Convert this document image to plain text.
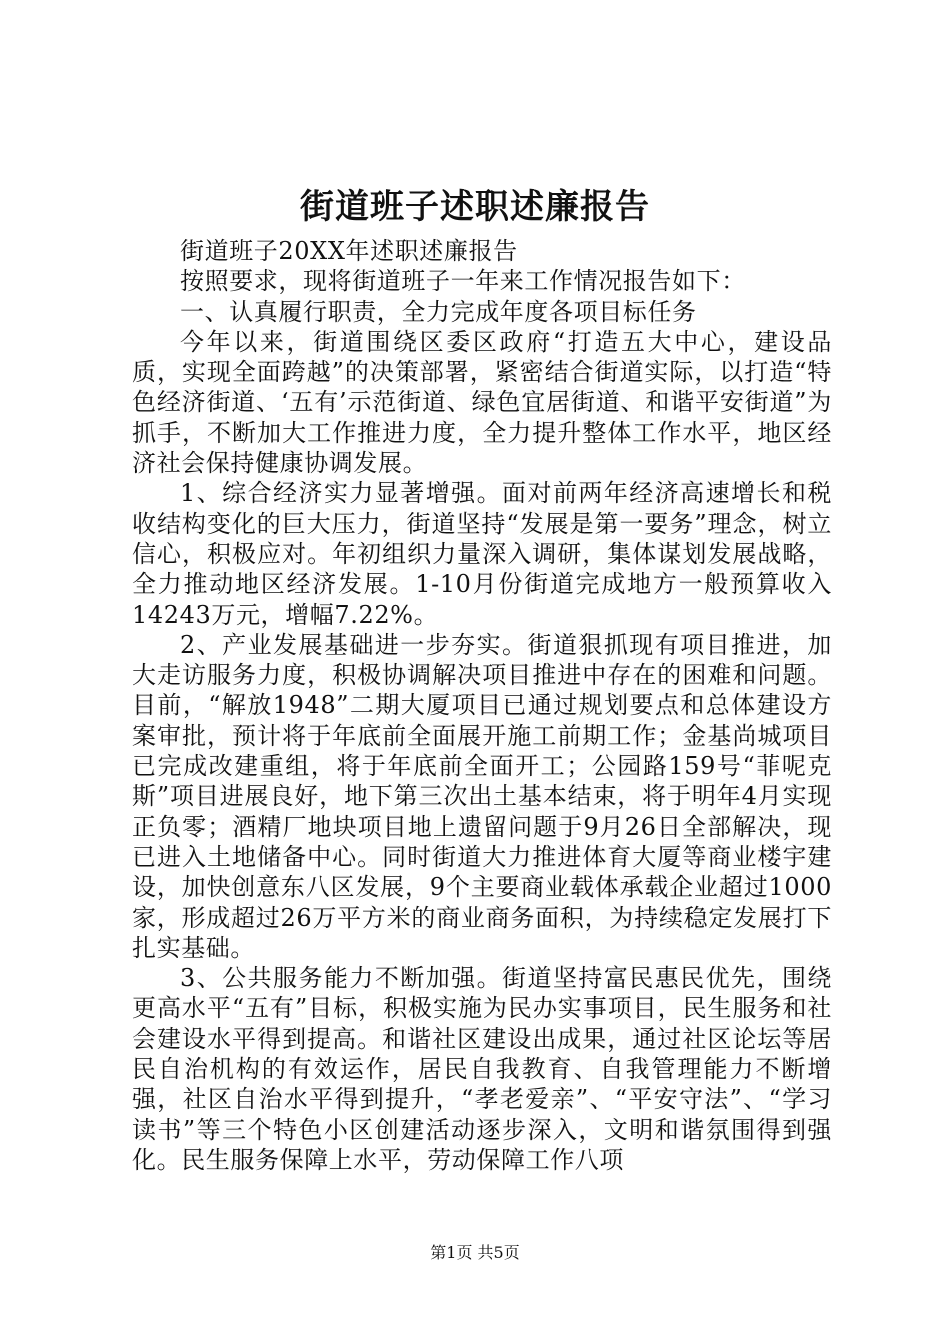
街道班子述职述廉报告

街道班子20XX年述职述廉报告

按照要求，现将街道班子一年来工作情况报告如下：

一、认真履行职责，全力完成年度各项目标任务

今年以来，街道围绕区委区政府“打造五大中心，建设品质，实现全面跨越”的决策部署，紧密结合街道实际，以打造“特色经济街道、‘五有’示范街道、绿色宜居街道、和谐平安街道”为抓手，不断加大工作推进力度，全力提升整体工作水平，地区经济社会保持健康协调发展。

1、综合经济实力显著增强。面对前两年经济高速增长和税收结构变化的巨大压力，街道坚持“发展是第一要务”理念，树立信心，积极应对。年初组织力量深入调研，集体谋划发展战略，全力推动地区经济发展。1-10月份街道完成地方一般预算收入14243万元，增幅7.22%。

2、产业发展基础进一步夯实。街道狠抓现有项目推进，加大走访服务力度，积极协调解决项目推进中存在的困难和问题。目前，“解放1948”二期大厦项目已通过规划要点和总体建设方案审批，预计将于年底前全面展开施工前期工作；金基尚城项目已完成改建重组，将于年底前全面开工；公园路159号“菲呢克斯”项目进展良好，地下第三次出土基本结束，将于明年4月实现正负零；酒精厂地块项目地上遗留问题于9月26日全部解决，现已进入土地储备中心。同时街道大力推进体育大厦等商业楼宇建设，加快创意东八区发展，9个主要商业载体承载企业超过1000家，形成超过26万平方米的商业商务面积，为持续稳定发展打下扎实基础。

3、公共服务能力不断加强。街道坚持富民惠民优先，围绕更高水平“五有”目标，积极实施为民办实事项目，民生服务和社会建设水平得到提高。和谐社区建设出成果，通过社区论坛等居民自治机构的有效运作，居民自我教育、自我管理能力不断增强，社区自治水平得到提升，“孝老爱亲”、“平安守法”、“学习读书”等三个特色小区创建活动逐步深入，文明和谐氛围得到强化。民生服务保障上水平，劳动保障工作八项

第1页 共5页
